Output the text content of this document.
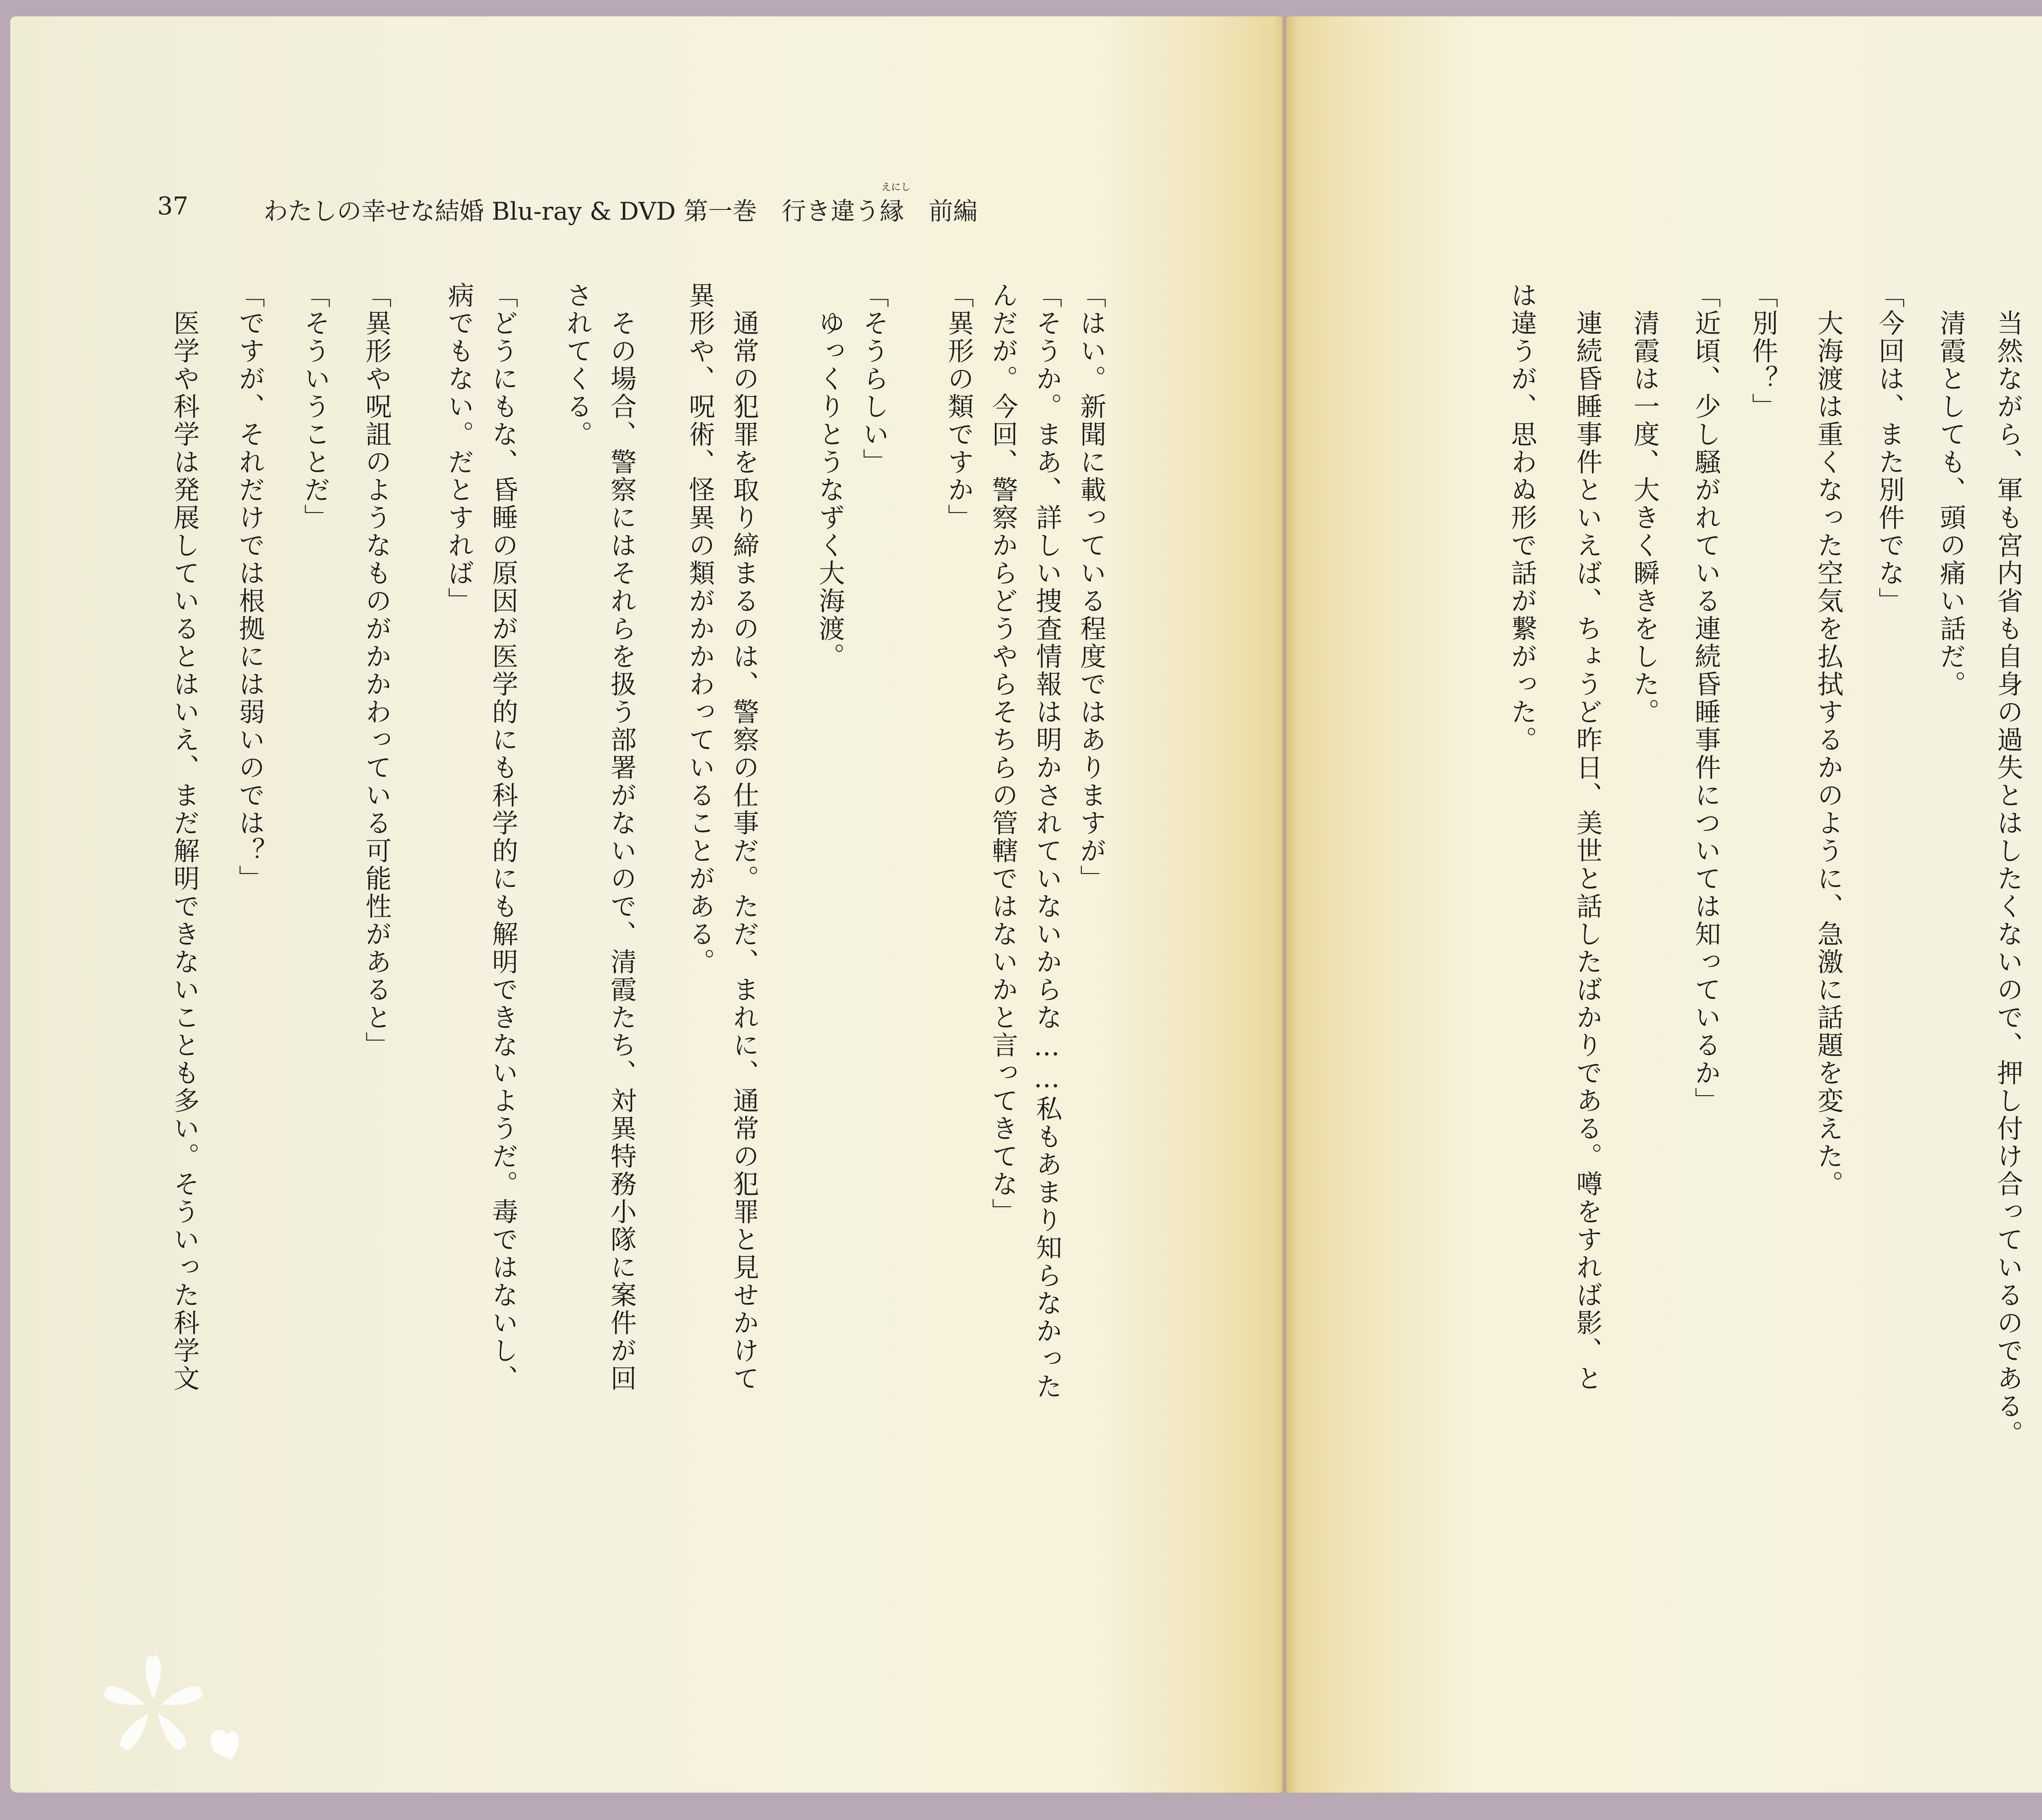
37	わたしの幸せな結婚 Blu-ray & DVD 第一巻　行き違う
えにし
縁　前編
「はい。新聞に載っている程度ではありますが」
「そうか。まあ、詳しい捜査情報は明かされていないからな……私もあまり知らなかった
んだが。今回、警察からどうやらそちらの管轄ではないかと言ってきてな」
「異形の類ですか」
「そうらしい」
　ゆっくりとうなずく大海渡。
　通常の犯罪を取り締まるのは、警察の仕事だ。ただ、まれに、通常の犯罪と見せかけて
異形や、呪術、怪異の類がかかわっていることがある。
　その場合、警察にはそれらを扱う部署がないので、清霞たち、対異特務小隊に案件が回
されてくる。
「どうにもな、昏睡の原因が医学的にも科学的にも解明できないようだ。毒ではないし、
病でもない。だとすれば」
「異形や呪詛のようなものがかかわっている可能性があると」
「そういうことだ」
「ですが、それだけでは根拠には弱いのでは？」
　医学や科学は発展しているとはいえ、まだ解明できないことも多い。そういった科学文	　当然ながら、軍も宮内省も自身の過失とはしたくないので、押し付け合っているのである。
　清霞としても、頭の痛い話だ。
「今回は、また別件でな」
　大海渡は重くなった空気を払拭するかのように、急激に話題を変えた。
「別件？」
「近頃、少し騒がれている連続昏睡事件については知っているか」
　清霞は一度、大きく瞬きをした。
　連続昏睡事件といえば、ちょうど昨日、美世と話したばかりである。噂をすれば影、と
は違うが、思わぬ形で話が繋がった。
